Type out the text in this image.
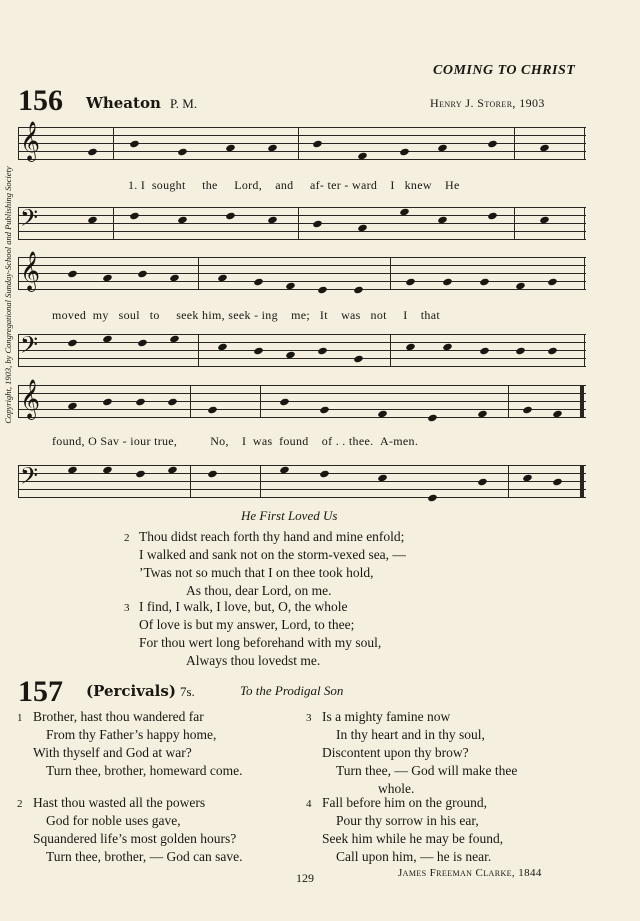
COMING TO CHRIST
156 Wheaton P. M.	Henry J. Storer, 1903
Copyright, 1903, by Congregational Sunday-School and Publishing Society
𝄞
1. I sought the Lord, and af- ter - ward I knew He
𝄢
𝄞
moved my soul to seek him, seek - ing me; It was not I that
𝄢
𝄞
found, O Sav - iour true,	No, I was found of . . thee. A-men.
𝄢
He First Loved Us
2 Thou didst reach forth thy hand and mine enfold;
I walked and sank not on the storm-vexed sea, —
’Twas not so much that I on thee took hold,
As thou, dear Lord, on me.
3 I find, I walk, I love, but, O, the whole
Of love is but my answer, Lord, to thee;
For thou wert long beforehand with my soul,
Always thou lovedst me.
157 (Percivals) 7s.	To the Prodigal Son
1 Brother, hast thou wandered far
From thy Father’s happy home,
With thyself and God at war?
Turn thee, brother, homeward come.
2 Hast thou wasted all the powers
God for noble uses gave,
Squandered life’s most golden hours?
Turn thee, brother, — God can save.
3 Is a mighty famine now
In thy heart and in thy soul,
Discontent upon thy brow?
Turn thee, — God will make thee
whole.
4 Fall before him on the ground,
Pour thy sorrow in his ear,
Seek him while he may be found,
Call upon him, — he is near.
James Freeman Clarke, 1844
129
